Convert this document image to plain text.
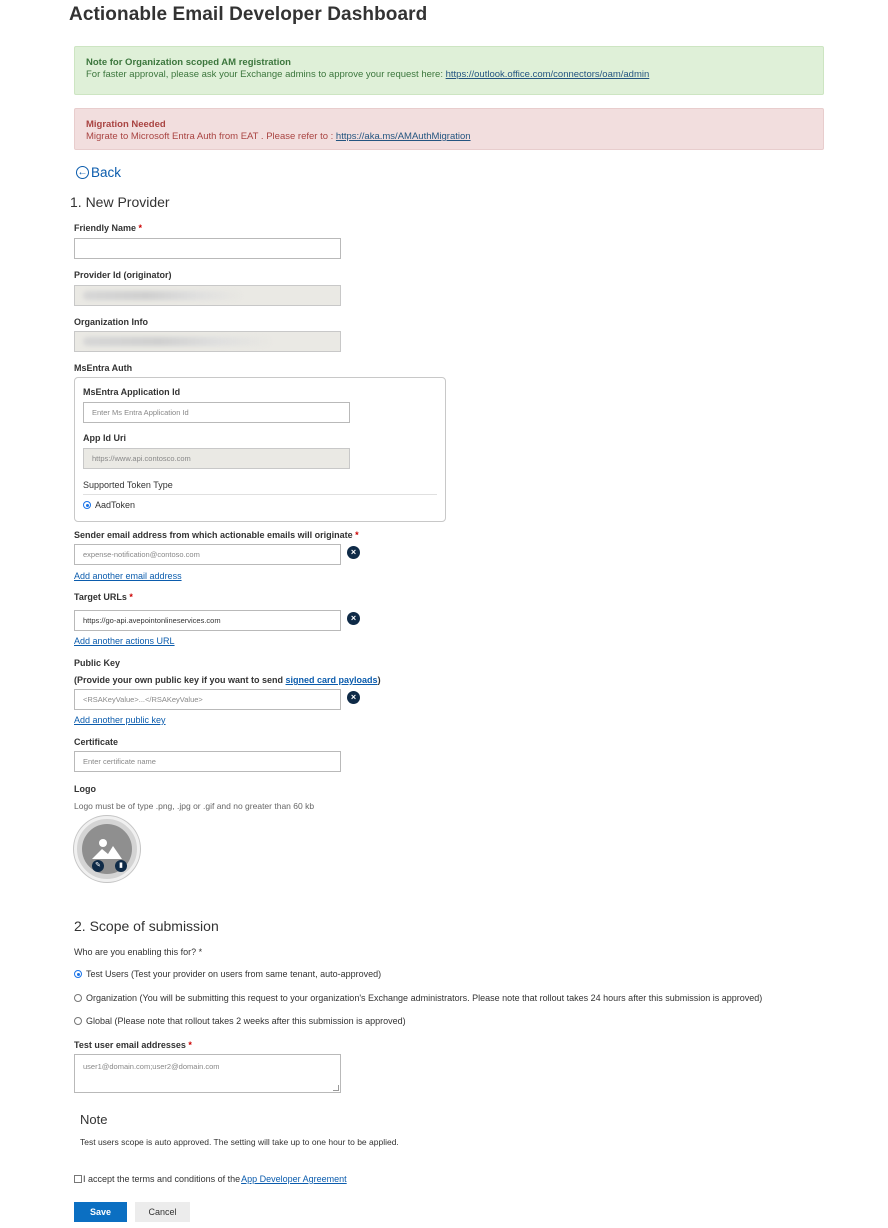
Actionable Email Developer Dashboard
Note for Organization scoped AM registration
For faster approval, please ask your Exchange admins to approve your request here: https://outlook.office.com/connectors/oam/admin
Migration Needed
Migrate to Microsoft Entra Auth from EAT . Please refer to : https://aka.ms/AMAuthMigration
← Back
1. New Provider
Friendly Name *
Provider Id (originator)
Organization Info
MsEntra Auth
MsEntra Application Id
Enter Ms Entra Application Id
App Id Uri
https://www.api.contosco.com
Supported Token Type
AadToken
Sender email address from which actionable emails will originate *
expense-notification@contoso.com	×
Add another email address
Target URLs *
https://go-api.avepointonlineservices.com	×
Add another actions URL
Public Key
(Provide your own public key if you want to send signed card payloads)
<RSAKeyValue>...</RSAKeyValue>	×
Add another public key
Certificate
Enter certificate name
Logo
Logo must be of type .png, .jpg or .gif and no greater than 60 kb
✎	▮
2. Scope of submission
Who are you enabling this for? *
Test Users (Test your provider on users from same tenant, auto-approved)
Organization (You will be submitting this request to your organization's Exchange administrators. Please note that rollout takes 24 hours after this submission is approved)
Global (Please note that rollout takes 2 weeks after this submission is approved)
Test user email addresses *
user1@domain.com;user2@domain.com
Note
Test users scope is auto approved. The setting will take up to one hour to be applied.
I accept the terms and conditions of the App Developer Agreement
Save	Cancel
